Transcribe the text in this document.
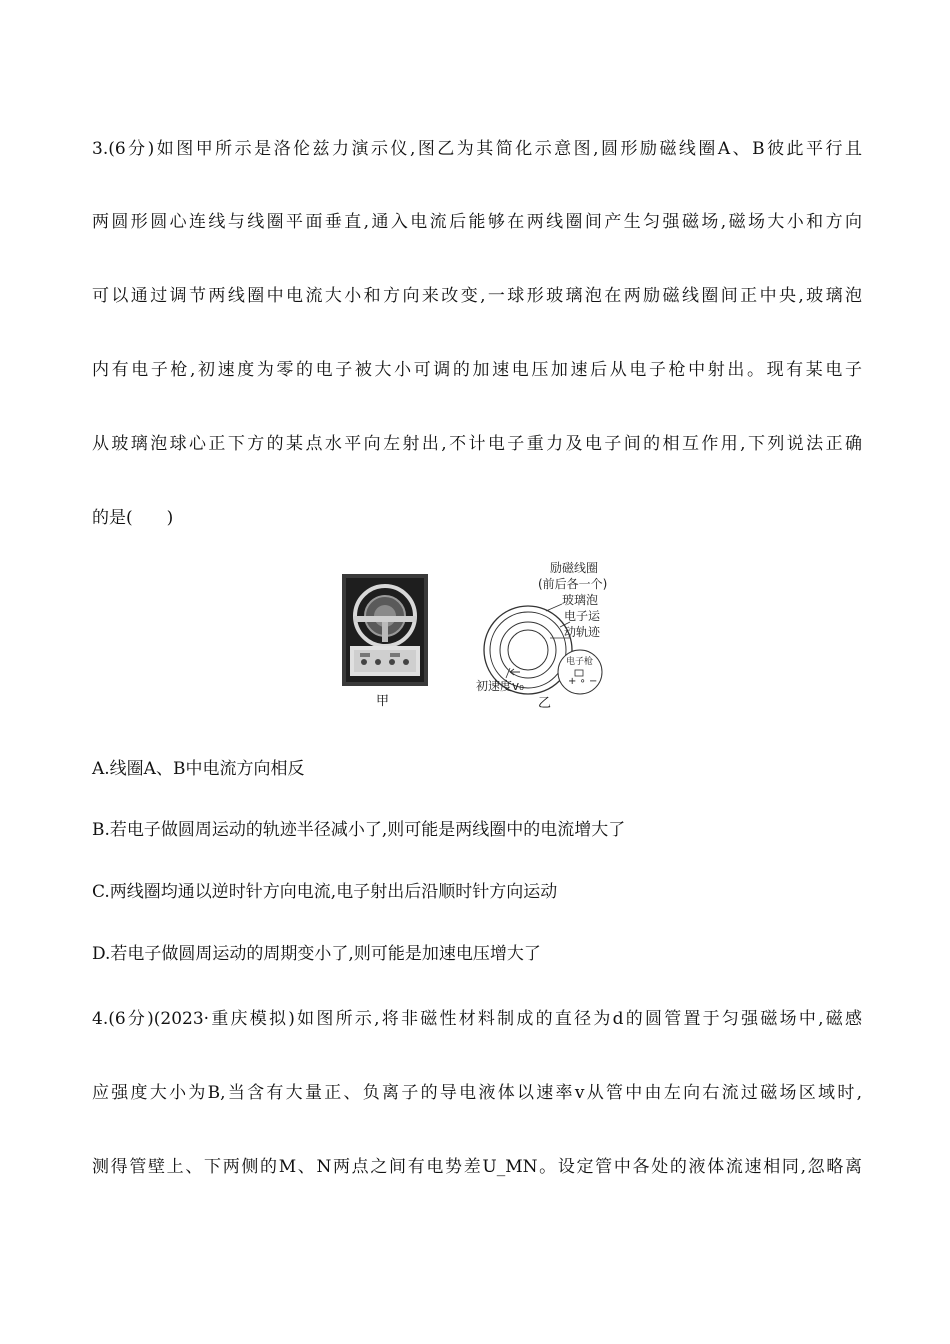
3.(6分)如图甲所示是洛伦兹力演示仪,图乙为其简化示意图,圆形励磁线圈A、B彼此平行且
两圆形圆心连线与线圈平面垂直,通入电流后能够在两线圈间产生匀强磁场,磁场大小和方向
可以通过调节两线圈中电流大小和方向来改变,一球形玻璃泡在两励磁线圈间正中央,玻璃泡
内有电子枪,初速度为零的电子被大小可调的加速电压加速后从电子枪中射出。现有某电子
从玻璃泡球心正下方的某点水平向左射出,不计电子重力及电子间的相互作用,下列说法正确
的是(　　)
甲
励磁线圈
(前后各一个)
玻璃泡
电子运
动轨迹
电子枪
+ ∘ −
初速度v₀
乙
A.线圈A、B中电流方向相反
B.若电子做圆周运动的轨迹半径减小了,则可能是两线圈中的电流增大了
C.两线圈均通以逆时针方向电流,电子射出后沿顺时针方向运动
D.若电子做圆周运动的周期变小了,则可能是加速电压增大了
4.(6分)(2023·重庆模拟)如图所示,将非磁性材料制成的直径为d的圆管置于匀强磁场中,磁感
应强度大小为B,当含有大量正、负离子的导电液体以速率v从管中由左向右流过磁场区域时,
测得管壁上、下两侧的M、N两点之间有电势差U_MN。设定管中各处的液体流速相同,忽略离
